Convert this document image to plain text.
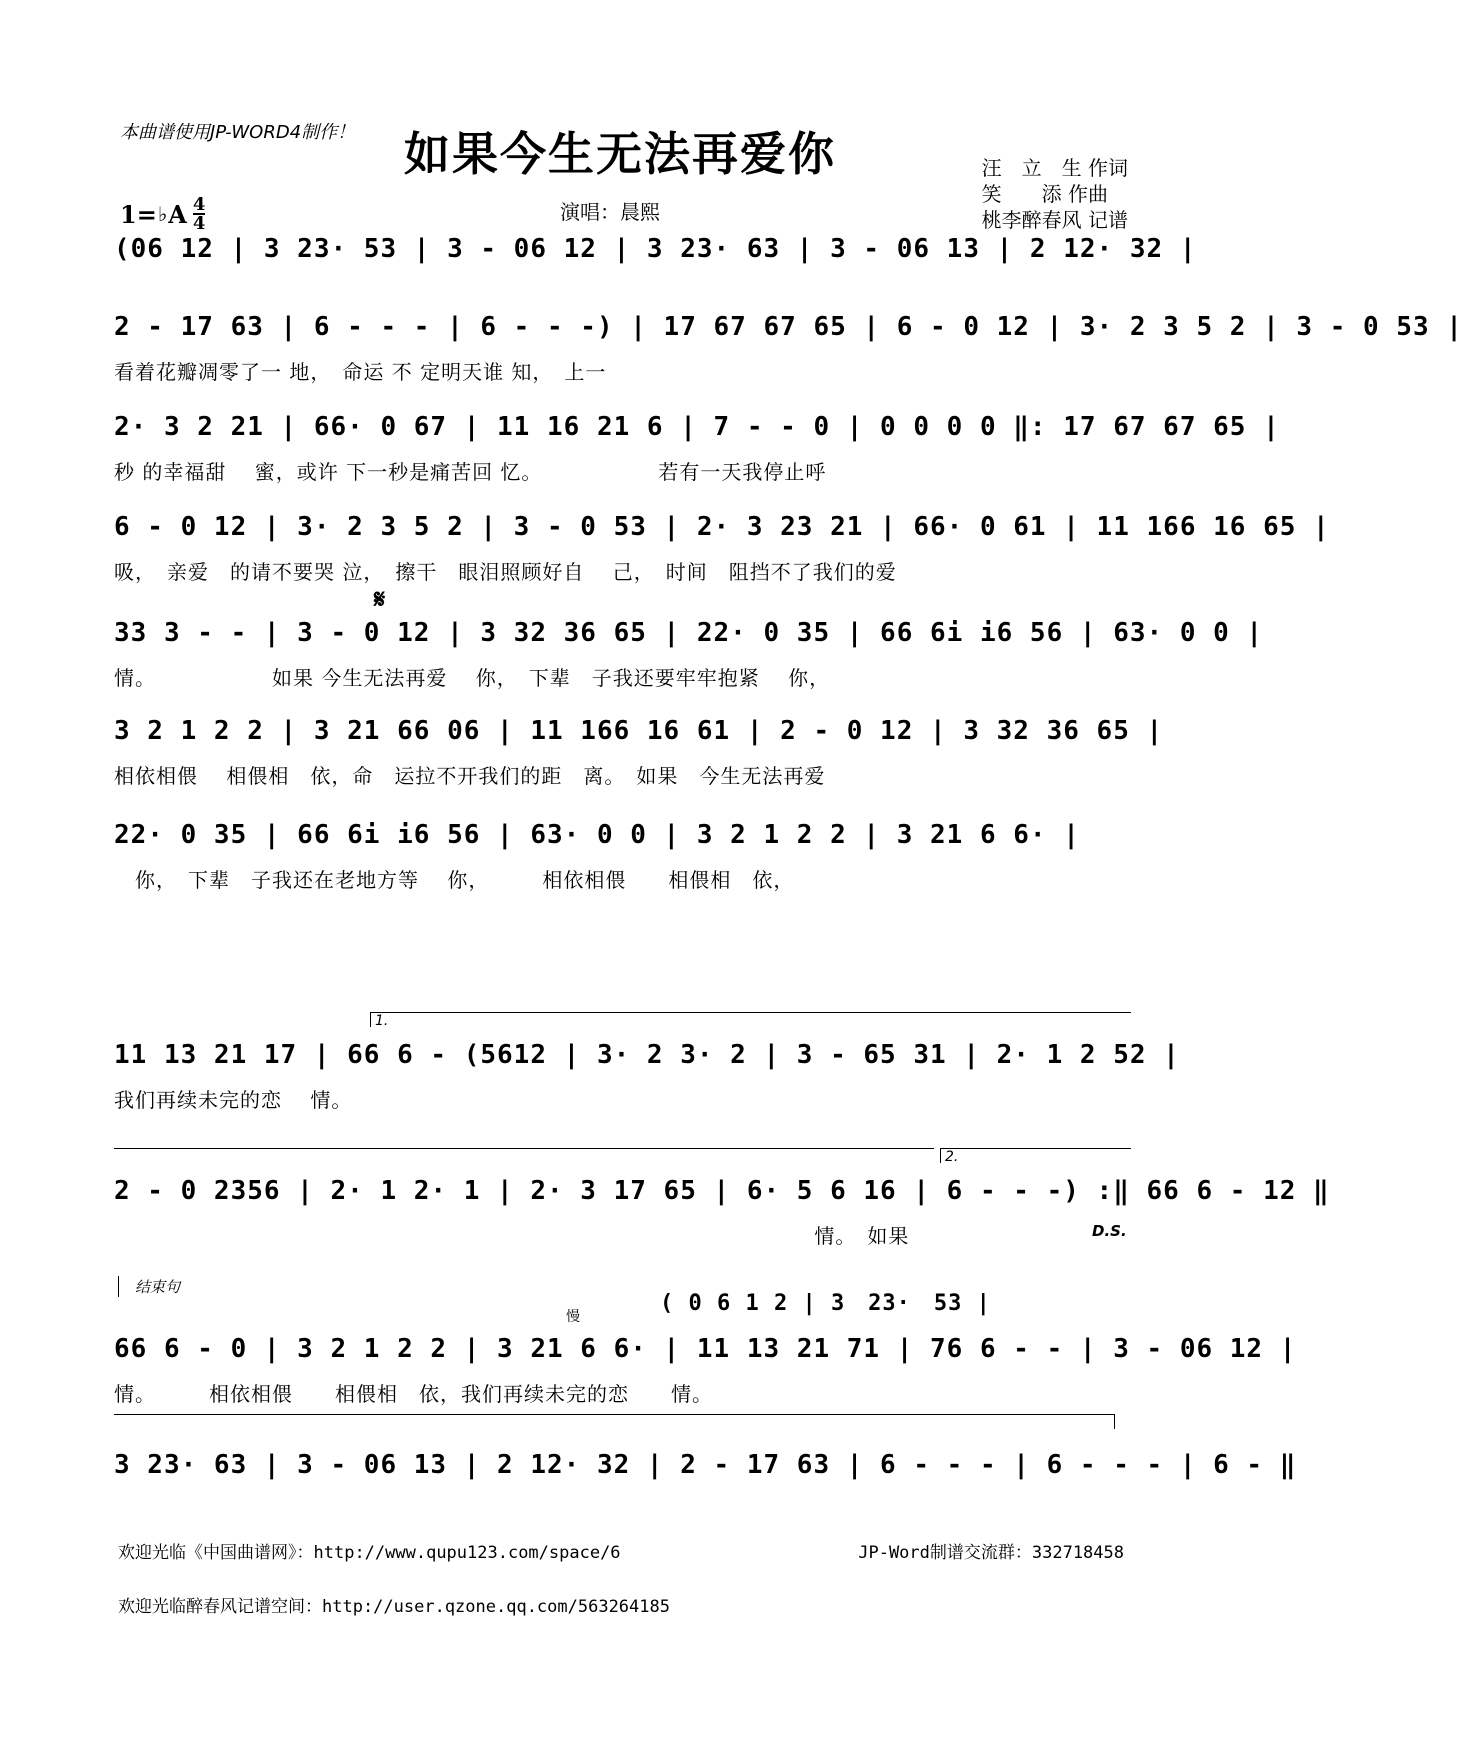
本曲谱使用JP-WORD4制作！	如果今生无法再爱你	汪　立　生 作词
笑　　添 作曲
桃李醉春风 记谱
1= ♭ A 4
4	演唱：晨熙
(06 12 | 3 23· 53 | 3 - 06 12 | 3 23· 63 | 3 - 06 13 | 2 12· 32 |
2 - 17 63 | 6 - - - | 6 - - -) | 17 67 67 65 | 6 - 0 12 | 3· 2 3 5 2 | 3 - 0 53 |
看着花瓣凋零了一 地，　命运 不 定明天谁 知，　上一
2· 3 2 21 | 66· 0 67 | 11 16 21 6 | 7 - - 0 | 0 0 0 0 ‖: 17 67 67 65 |
秒 的幸福甜　 蜜，或许 下一秒是痛苦回 忆。　　　　　　若有一天我停止呼
6 - 0 12 | 3· 2 3 5 2 | 3 - 0 53 | 2· 3 23 21 | 66· 0 61 | 11 166 16 65 |
吸，　亲爱　的请不要哭 泣，　擦干　眼泪照顾好自　 己，　时间　阻挡不了我们的爱
𝄋
33 3 - - | 3 - 0 12 | 3 32 36 65 | 22· 0 35 | 66 6i i6 56 | 63· 0 0 |
情。　　　　　　如果 今生无法再爱　 你，　下辈　子我还要牢牢抱紧　 你，
3 2 1 2 2 | 3 21 66 06 | 11 166 16 61 | 2 - 0 12 | 3 32 36 65 |
相依相偎　 相偎相　依，命　运拉不开我们的距　离。　如果　今生无法再爱
22· 0 35 | 66 6i i6 56 | 63· 0 0 | 3 2 1 2 2 | 3 21 6 6· |
　你，　下辈　子我还在老地方等　 你，　　　相依相偎　　相偎相　依，
1.
11 13 21 17 | 66 6 - (5612 | 3· 2 3· 2 | 3 - 65 31 | 2· 1 2 52 |
我们再续未完的恋　 情。
2.
2 - 0 2356 | 2· 1 2· 1 | 2· 3 17 65 | 6· 5 6 16 | 6 - - -) :‖ 66 6 - 12 ‖
　　　　　　　　　　　　　　　　　　　　　　　　　　　　　　　　　 情。　如果	D.S.
结束句
( 0 6 1 2 | 3　23·　53 |
慢
66 6 - 0 | 3 2 1 2 2 | 3 21 6 6· | 11 13 21 71 | 76 6 - - | 3 - 06 12 |
情。　　　相依相偎　　相偎相　依，我们再续未完的恋　　情。
3 23· 63 | 3 - 06 13 | 2 12· 32 | 2 - 17 63 | 6 - - - | 6 - - - | 6 - ‖
欢迎光临《中国曲谱网》：http://www.qupu123.com/space/6	JP-Word制谱交流群：332718458
欢迎光临醉春风记谱空间：http://user.qzone.qq.com/563264185
